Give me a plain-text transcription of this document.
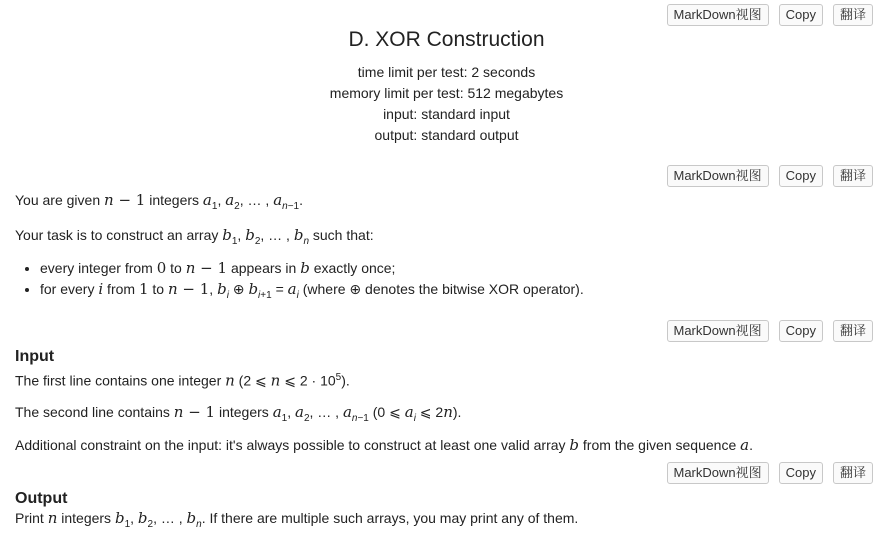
MarkDown视图	Copy	翻译
D. XOR Construction
time limit per test: 2 seconds
memory limit per test: 512 megabytes
input: standard input
output: standard output
MarkDown视图	Copy	翻译
You are given n − 1 integers $a_1$, $a_2$, … , $a_{n-1}$.
Your task is to construct an array $b_1$, $b_2$, … , $b_n$ such that:
• every integer from 0 to n − 1 appears in b exactly once;
• for every i from 1 to n − 1, $b_i$ ⊕ $b_{i+1} = a_i$ (where ⊕ denotes the bitwise XOR operator).
MarkDown视图	Copy	翻译
Input
The first line contains one integer n (2 ⩽ n ⩽ $2 \cdot 10^5$).
The second line contains n − 1 integers $a_1$, $a_2$, … , $a_{n-1}$ (0 ⩽ $a_i$ ⩽ 2n).
Additional constraint on the input: it's always possible to construct at least one valid array b from the given sequence a.
MarkDown视图	Copy	翻译
Output
Print n integers $b_1$, $b_2$, … , $b_n$. If there are multiple such arrays, you may print any of them.
